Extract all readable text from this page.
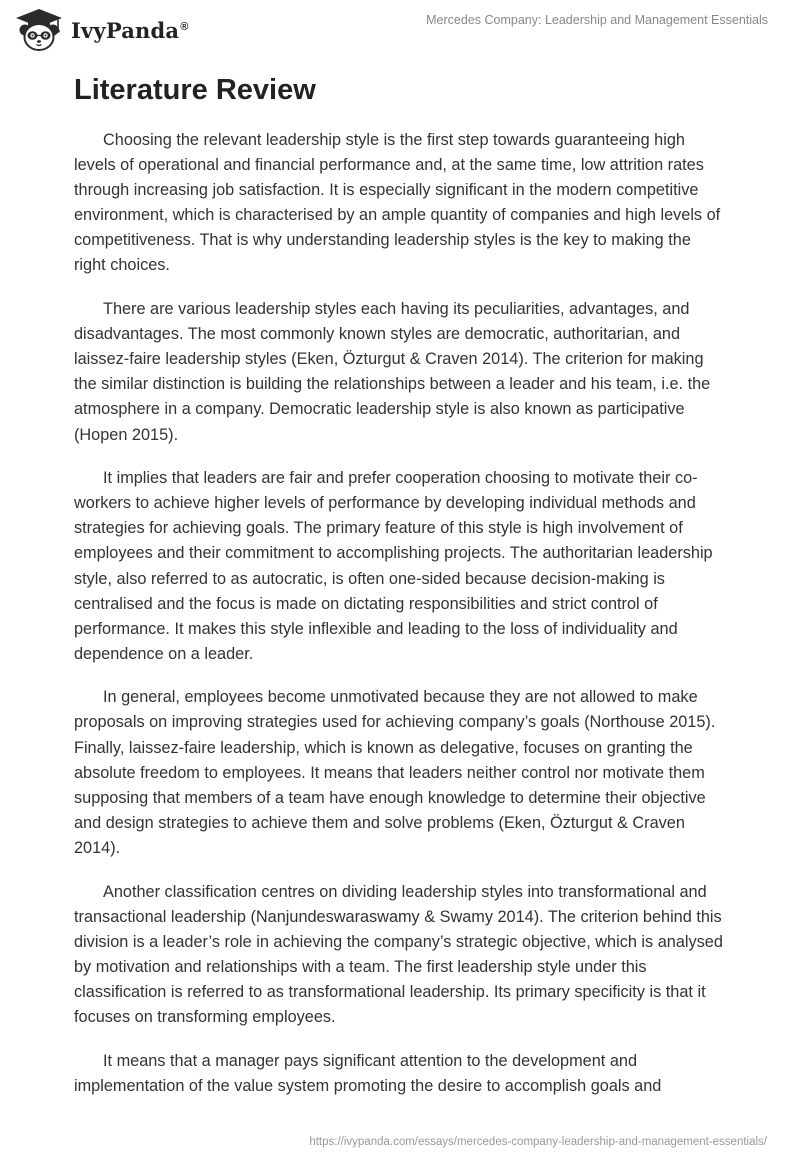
IvyPanda®	Mercedes Company: Leadership and Management Essentials
Literature Review

Choosing the relevant leadership style is the first step towards guaranteeing high levels of operational and financial performance and, at the same time, low attrition rates through increasing job satisfaction. It is especially significant in the modern competitive environment, which is characterised by an ample quantity of companies and high levels of competitiveness. That is why understanding leadership styles is the key to making the right choices.

There are various leadership styles each having its peculiarities, advantages, and disadvantages. The most commonly known styles are democratic, authoritarian, and laissez-faire leadership styles (Eken, Özturgut & Craven 2014). The criterion for making the similar distinction is building the relationships between a leader and his team, i.e. the atmosphere in a company. Democratic leadership style is also known as participative (Hopen 2015).

It implies that leaders are fair and prefer cooperation choosing to motivate their co-workers to achieve higher levels of performance by developing individual methods and strategies for achieving goals. The primary feature of this style is high involvement of employees and their commitment to accomplishing projects. The authoritarian leadership style, also referred to as autocratic, is often one-sided because decision-making is centralised and the focus is made on dictating responsibilities and strict control of performance. It makes this style inflexible and leading to the loss of individuality and dependence on a leader.

In general, employees become unmotivated because they are not allowed to make proposals on improving strategies used for achieving company’s goals (Northouse 2015). Finally, laissez-faire leadership, which is known as delegative, focuses on granting the absolute freedom to employees. It means that leaders neither control nor motivate them supposing that members of a team have enough knowledge to determine their objective and design strategies to achieve them and solve problems (Eken, Özturgut & Craven 2014).

Another classification centres on dividing leadership styles into transformational and transactional leadership (Nanjundeswaraswamy & Swamy 2014). The criterion behind this division is a leader’s role in achieving the company’s strategic objective, which is analysed by motivation and relationships with a team. The first leadership style under this classification is referred to as transformational leadership. Its primary specificity is that it focuses on transforming employees.

It means that a manager pays significant attention to the development and implementation of the value system promoting the desire to accomplish goals and

https://ivypanda.com/essays/mercedes-company-leadership-and-management-essentials/
